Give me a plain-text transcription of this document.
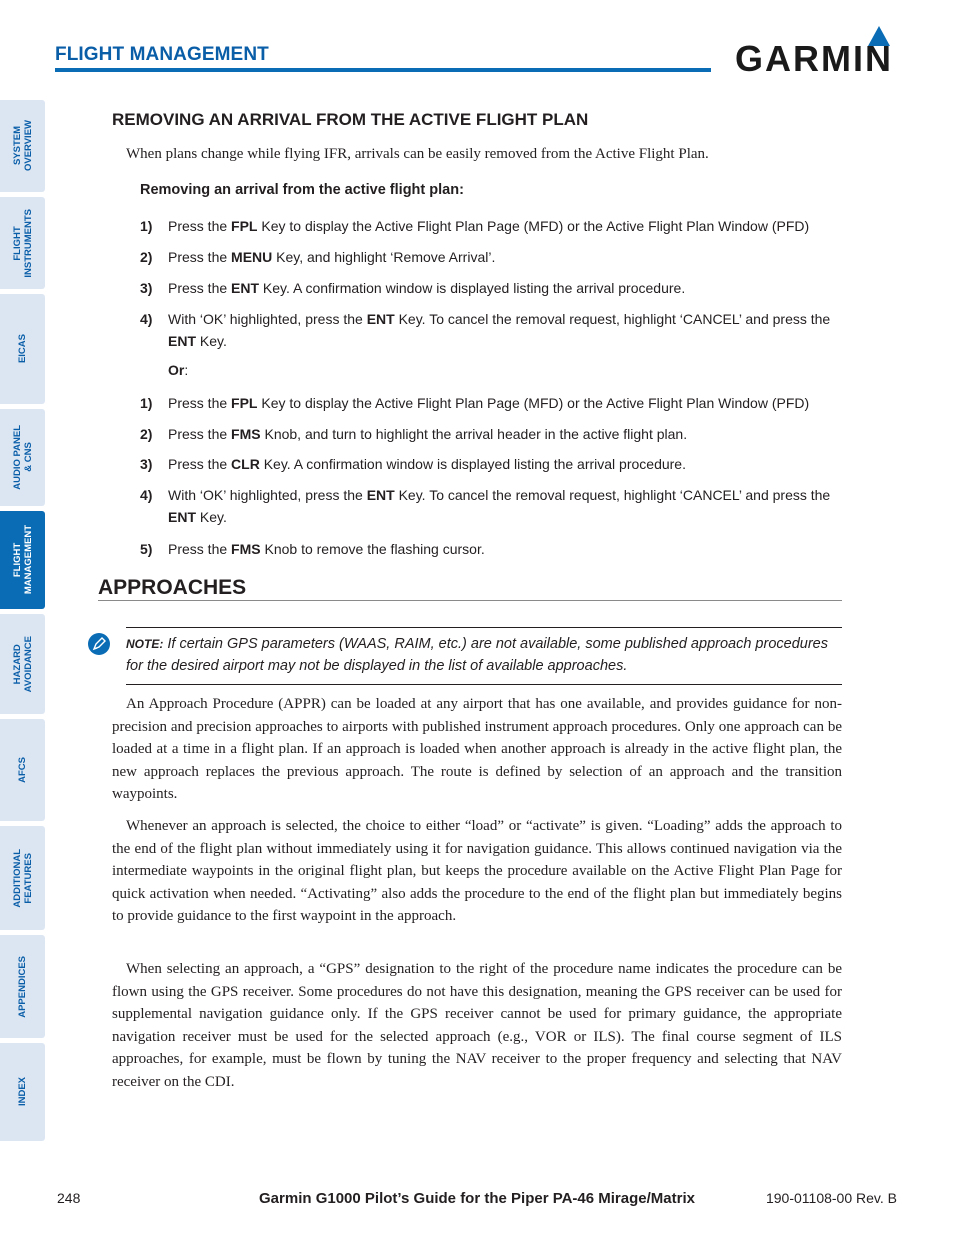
FLIGHT MANAGEMENT	GARMIN
SYSTEM
OVERVIEW
FLIGHT
INSTRUMENTS
EICAS
AUDIO PANEL
& CNS
FLIGHT
MANAGEMENT
HAZARD
AVOIDANCE
AFCS
ADDITIONAL
FEATURES
APPENDICES
INDEX
REMOVING AN ARRIVAL FROM THE ACTIVE FLIGHT PLAN
When plans change while flying IFR, arrivals can be easily removed from the Active Flight Plan.
Removing an arrival from the active flight plan:
1) Press the FPL Key to display the Active Flight Plan Page (MFD) or the Active Flight Plan Window (PFD)
2) Press the MENU Key, and highlight ‘Remove Arrival’.
3) Press the ENT Key. A confirmation window is displayed listing the arrival procedure.
4) With ‘OK’ highlighted, press the ENT Key. To cancel the removal request, highlight ‘CANCEL’ and press the ENT Key.
Or:
1) Press the FPL Key to display the Active Flight Plan Page (MFD) or the Active Flight Plan Window (PFD)
2) Press the FMS Knob, and turn to highlight the arrival header in the active flight plan.
3) Press the CLR Key. A confirmation window is displayed listing the arrival procedure.
4) With ‘OK’ highlighted, press the ENT Key. To cancel the removal request, highlight ‘CANCEL’ and press the ENT Key.
5) Press the FMS Knob to remove the flashing cursor.
APPROACHES
NOTE: If certain GPS parameters (WAAS, RAIM, etc.) are not available, some published approach procedures for the desired airport may not be displayed in the list of available approaches.
An Approach Procedure (APPR) can be loaded at any airport that has one available, and provides guidance for non-precision and precision approaches to airports with published instrument approach procedures. Only one approach can be loaded at a time in a flight plan. If an approach is loaded when another approach is already in the active flight plan, the new approach replaces the previous approach. The route is defined by selection of an approach and the transition waypoints.
Whenever an approach is selected, the choice to either “load” or “activate” is given. “Loading” adds the approach to the end of the flight plan without immediately using it for navigation guidance. This allows continued navigation via the intermediate waypoints in the original flight plan, but keeps the procedure available on the Active Flight Plan Page for quick activation when needed. “Activating” also adds the procedure to the end of the flight plan but immediately begins to provide guidance to the first waypoint in the approach.
When selecting an approach, a “GPS” designation to the right of the procedure name indicates the procedure can be flown using the GPS receiver. Some procedures do not have this designation, meaning the GPS receiver can be used for supplemental navigation guidance only. If the GPS receiver cannot be used for primary guidance, the appropriate navigation receiver must be used for the selected approach (e.g., VOR or ILS). The final course segment of ILS approaches, for example, must be flown by tuning the NAV receiver to the proper frequency and selecting that NAV receiver on the CDI.
248	Garmin G1000 Pilot’s Guide for the Piper PA-46 Mirage/Matrix	190-01108-00 Rev. B
